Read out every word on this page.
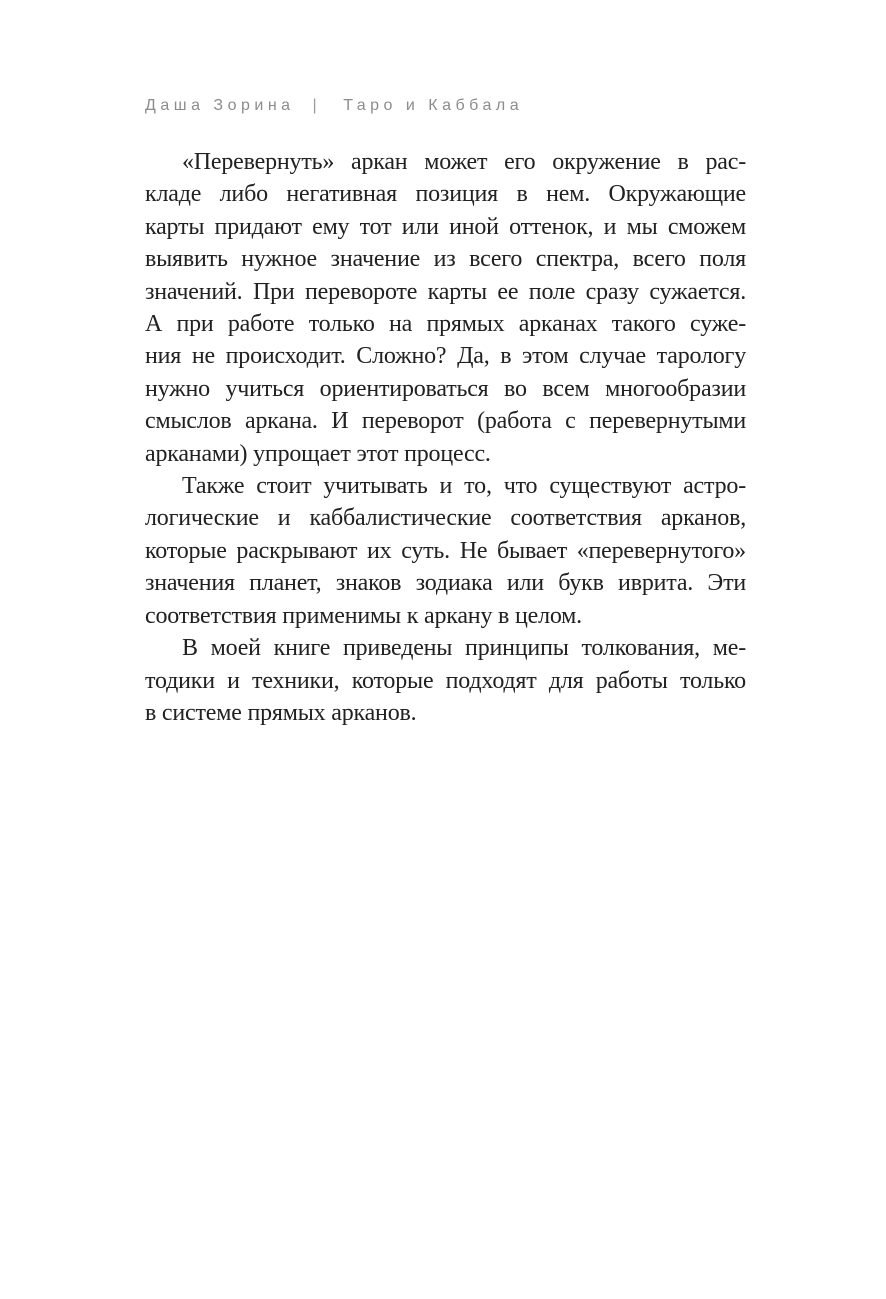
Даша Зорина | Таро и Каббала
«Перевернуть» аркан может его окружение в рас-
кладе либо негативная позиция в нем. Окружающие
карты придают ему тот или иной оттенок, и мы сможем
выявить нужное значение из всего спектра, всего поля
значений. При перевороте карты ее поле сразу сужается.
А при работе только на прямых арканах такого суже-
ния не происходит. Сложно? Да, в этом случае тарологу
нужно учиться ориентироваться во всем многообразии
смыслов аркана. И переворот (работа с перевернутыми
арканами) упрощает этот процесс.
Также стоит учитывать и то, что существуют астро-
логические и каббалистические соответствия арканов,
которые раскрывают их суть. Не бывает «перевернутого»
значения планет, знаков зодиака или букв иврита. Эти
соответствия применимы к аркану в целом.
В моей книге приведены принципы толкования, ме-
тодики и техники, которые подходят для работы только
в системе прямых арканов.
